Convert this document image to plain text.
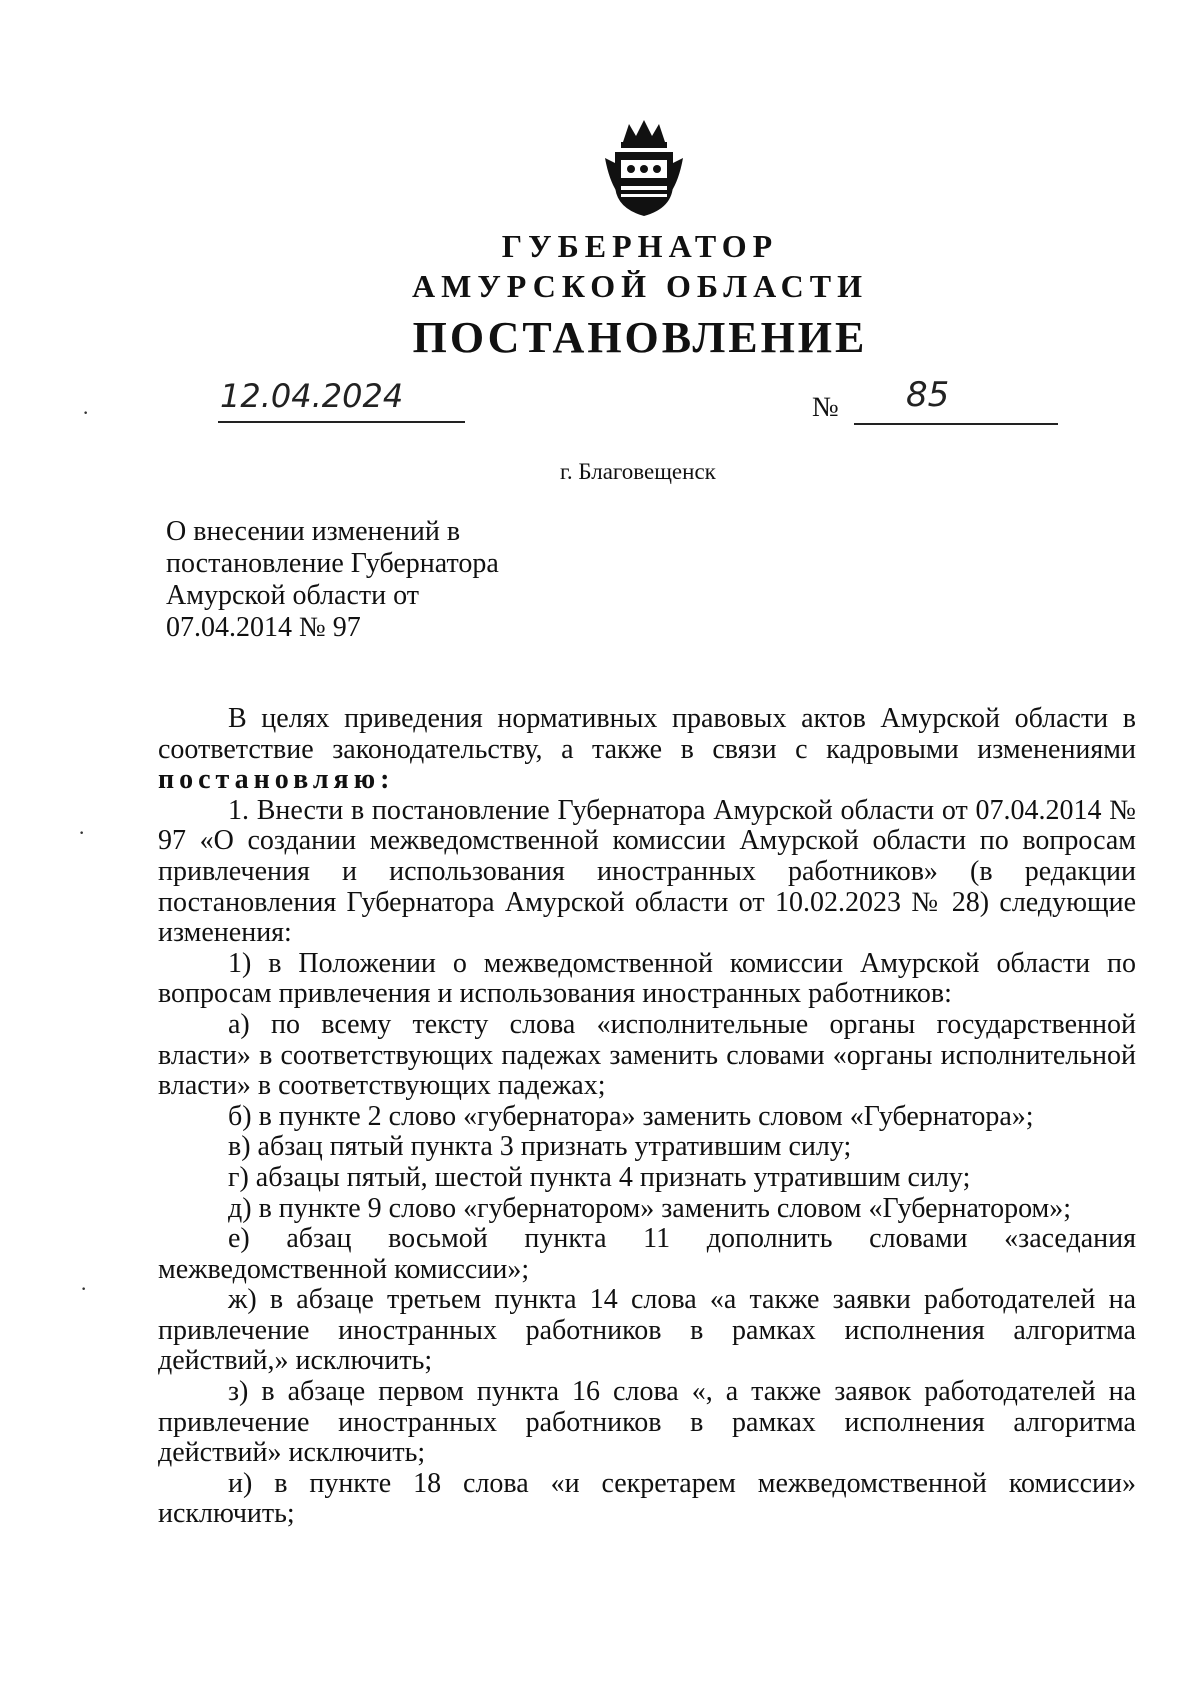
ГУБЕРНАТОР
АМУРСКОЙ ОБЛАСТИ
ПОСТАНОВЛЕНИЕ
12.04.2024	№ 85
г. Благовещенск
О внесении изменений в
постановление Губернатора
Амурской области от
07.04.2014 № 97

В целях приведения нормативных правовых актов Амурской области в соответствие законодательству, а также в связи с кадровыми изменениями

постановляю:

1. Внести в постановление Губернатора Амурской области от 07.04.2014 № 97 «О создании межведомственной комиссии Амурской области по вопросам привлечения и использования иностранных работников» (в редакции постановления Губернатора Амурской области от 10.02.2023 № 28) следующие изменения:

1) в Положении о межведомственной комиссии Амурской области по вопросам привлечения и использования иностранных работников:

а) по всему тексту слова «исполнительные органы государственной власти» в соответствующих падежах заменить словами «органы исполнительной власти» в соответствующих падежах;

б) в пункте 2 слово «губернатора» заменить словом «Губернатора»;

в) абзац пятый пункта 3 признать утратившим силу;

г) абзацы пятый, шестой пункта 4 признать утратившим силу;

д) в пункте 9 слово «губернатором» заменить словом «Губернатором»;

е) абзац восьмой пункта 11 дополнить словами «заседания межведомственной комиссии»;

ж) в абзаце третьем пункта 14 слова «а также заявки работодателей на привлечение иностранных работников в рамках исполнения алгоритма действий,» исключить;

з) в абзаце первом пункта 16 слова «, а также заявок работодателей на привлечение иностранных работников в рамках исполнения алгоритма действий» исключить;

и) в пункте 18 слова «и секретарем межведомственной комиссии» исключить;

·
·
·
